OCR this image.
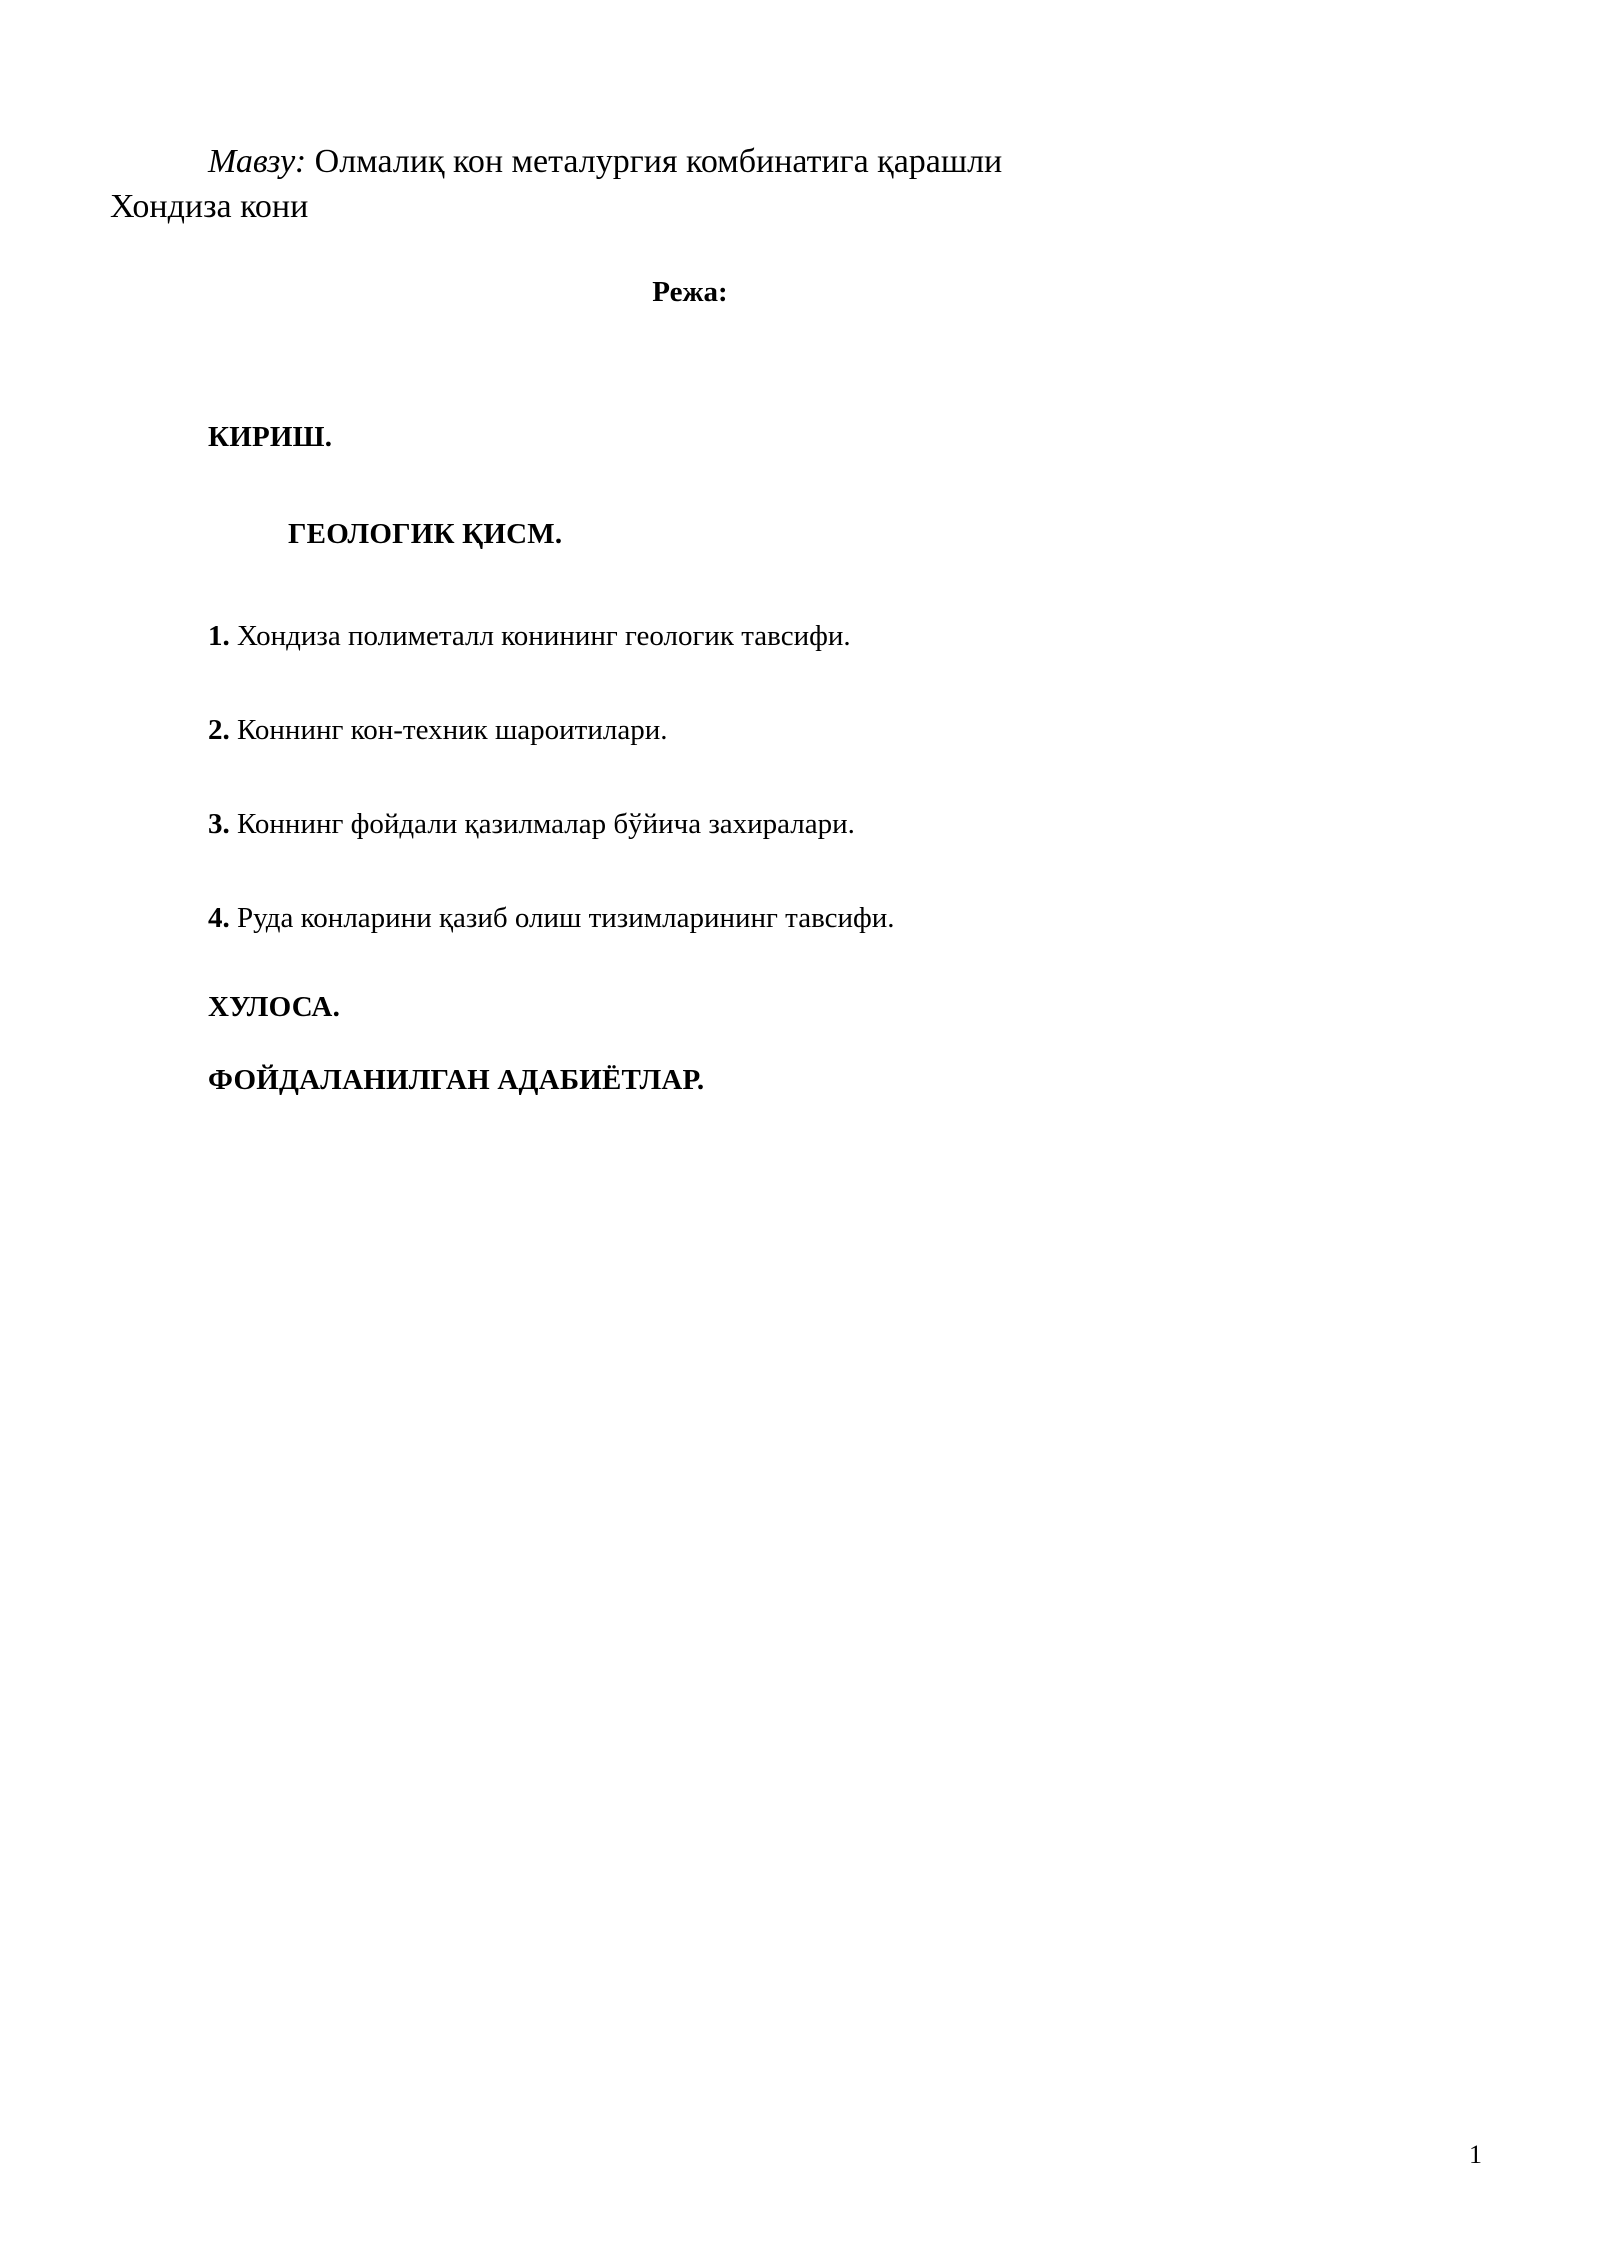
Мавзу: Олмалиқ кон металургия комбинатига қарашли

Хондиза кони

Режа:

КИРИШ.

ГЕОЛОГИК ҚИСМ.

1. Хондиза полиметалл конининг геологик тавсифи.

2. Коннинг кон-техник шароитилари.

3. Коннинг фойдали қазилмалар бўйича захиралари.

4. Руда конларини қазиб олиш тизимларининг тавсифи.

ХУЛОСА.

ФОЙДАЛАНИЛГАН АДАБИЁТЛАР.

1
